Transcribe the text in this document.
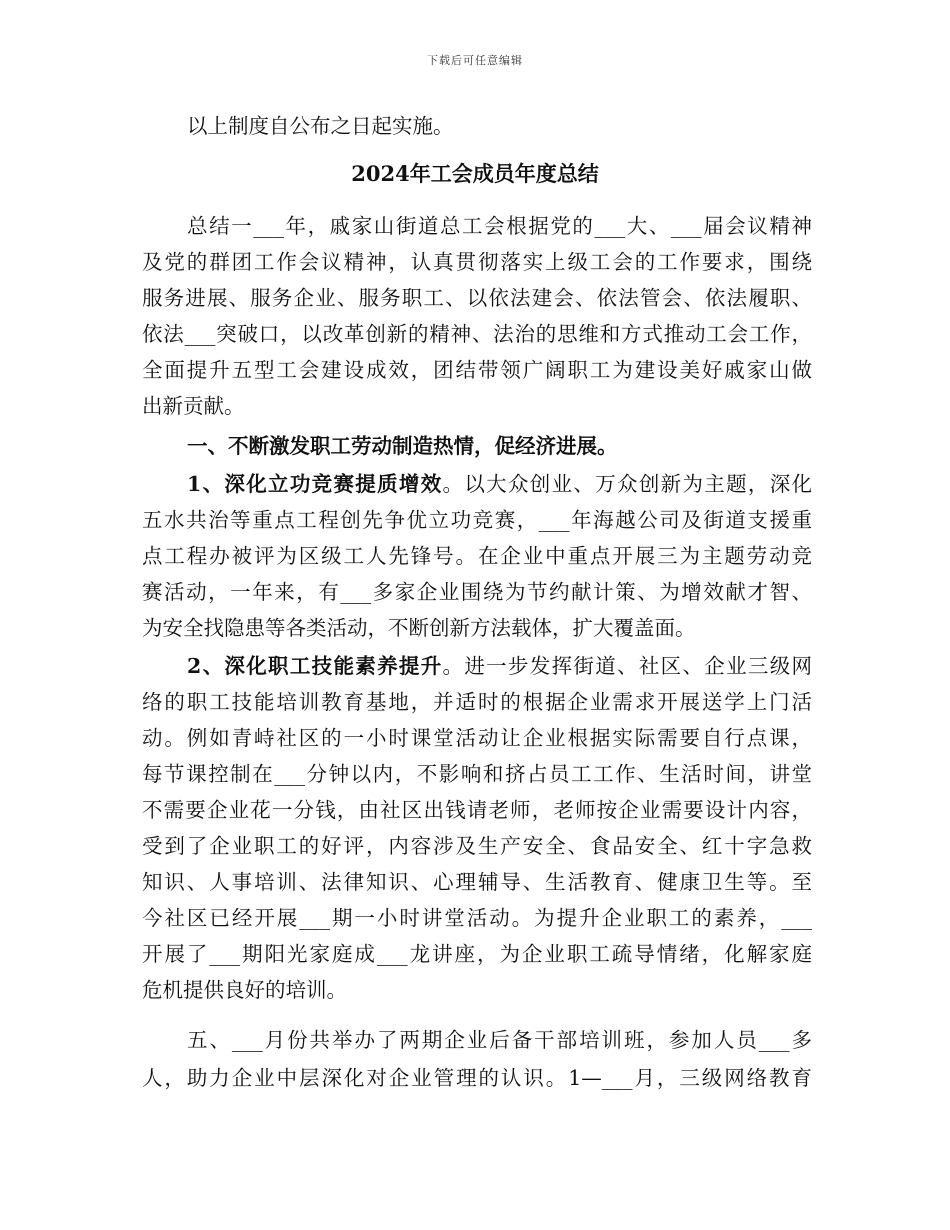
下载后可任意编辑
以上制度自公布之日起实施。
2024年工会成员年度总结
总结一___年，戚家山街道总工会根据党的___大、___届会议精神
及党的群团工作会议精神，认真贯彻落实上级工会的工作要求，围绕
服务进展、服务企业、服务职工、以依法建会、依法管会、依法履职、
依法___突破口，以改革创新的精神、法治的思维和方式推动工会工作，
全面提升五型工会建设成效，团结带领广阔职工为建设美好戚家山做
出新贡献。
一、不断激发职工劳动制造热情，促经济进展。
1、深化立功竞赛提质增效。以大众创业、万众创新为主题，深化
五水共治等重点工程创先争优立功竞赛，___年海越公司及街道支援重
点工程办被评为区级工人先锋号。在企业中重点开展三为主题劳动竞
赛活动，一年来，有___多家企业围绕为节约献计策、为增效献才智、
为安全找隐患等各类活动，不断创新方法载体，扩大覆盖面。
2、深化职工技能素养提升。进一步发挥街道、社区、企业三级网
络的职工技能培训教育基地，并适时的根据企业需求开展送学上门活
动。例如青峙社区的一小时课堂活动让企业根据实际需要自行点课，
每节课控制在___分钟以内，不影响和挤占员工工作、生活时间，讲堂
不需要企业花一分钱，由社区出钱请老师，老师按企业需要设计内容，
受到了企业职工的好评，内容涉及生产安全、食品安全、红十字急救
知识、人事培训、法律知识、心理辅导、生活教育、健康卫生等。至
今社区已经开展___期一小时讲堂活动。为提升企业职工的素养，___
开展了___期阳光家庭成___龙讲座，为企业职工疏导情绪，化解家庭
危机提供良好的培训。
五、___月份共举办了两期企业后备干部培训班，参加人员___多
人，助力企业中层深化对企业管理的认识。1—___月，三级网络教育
